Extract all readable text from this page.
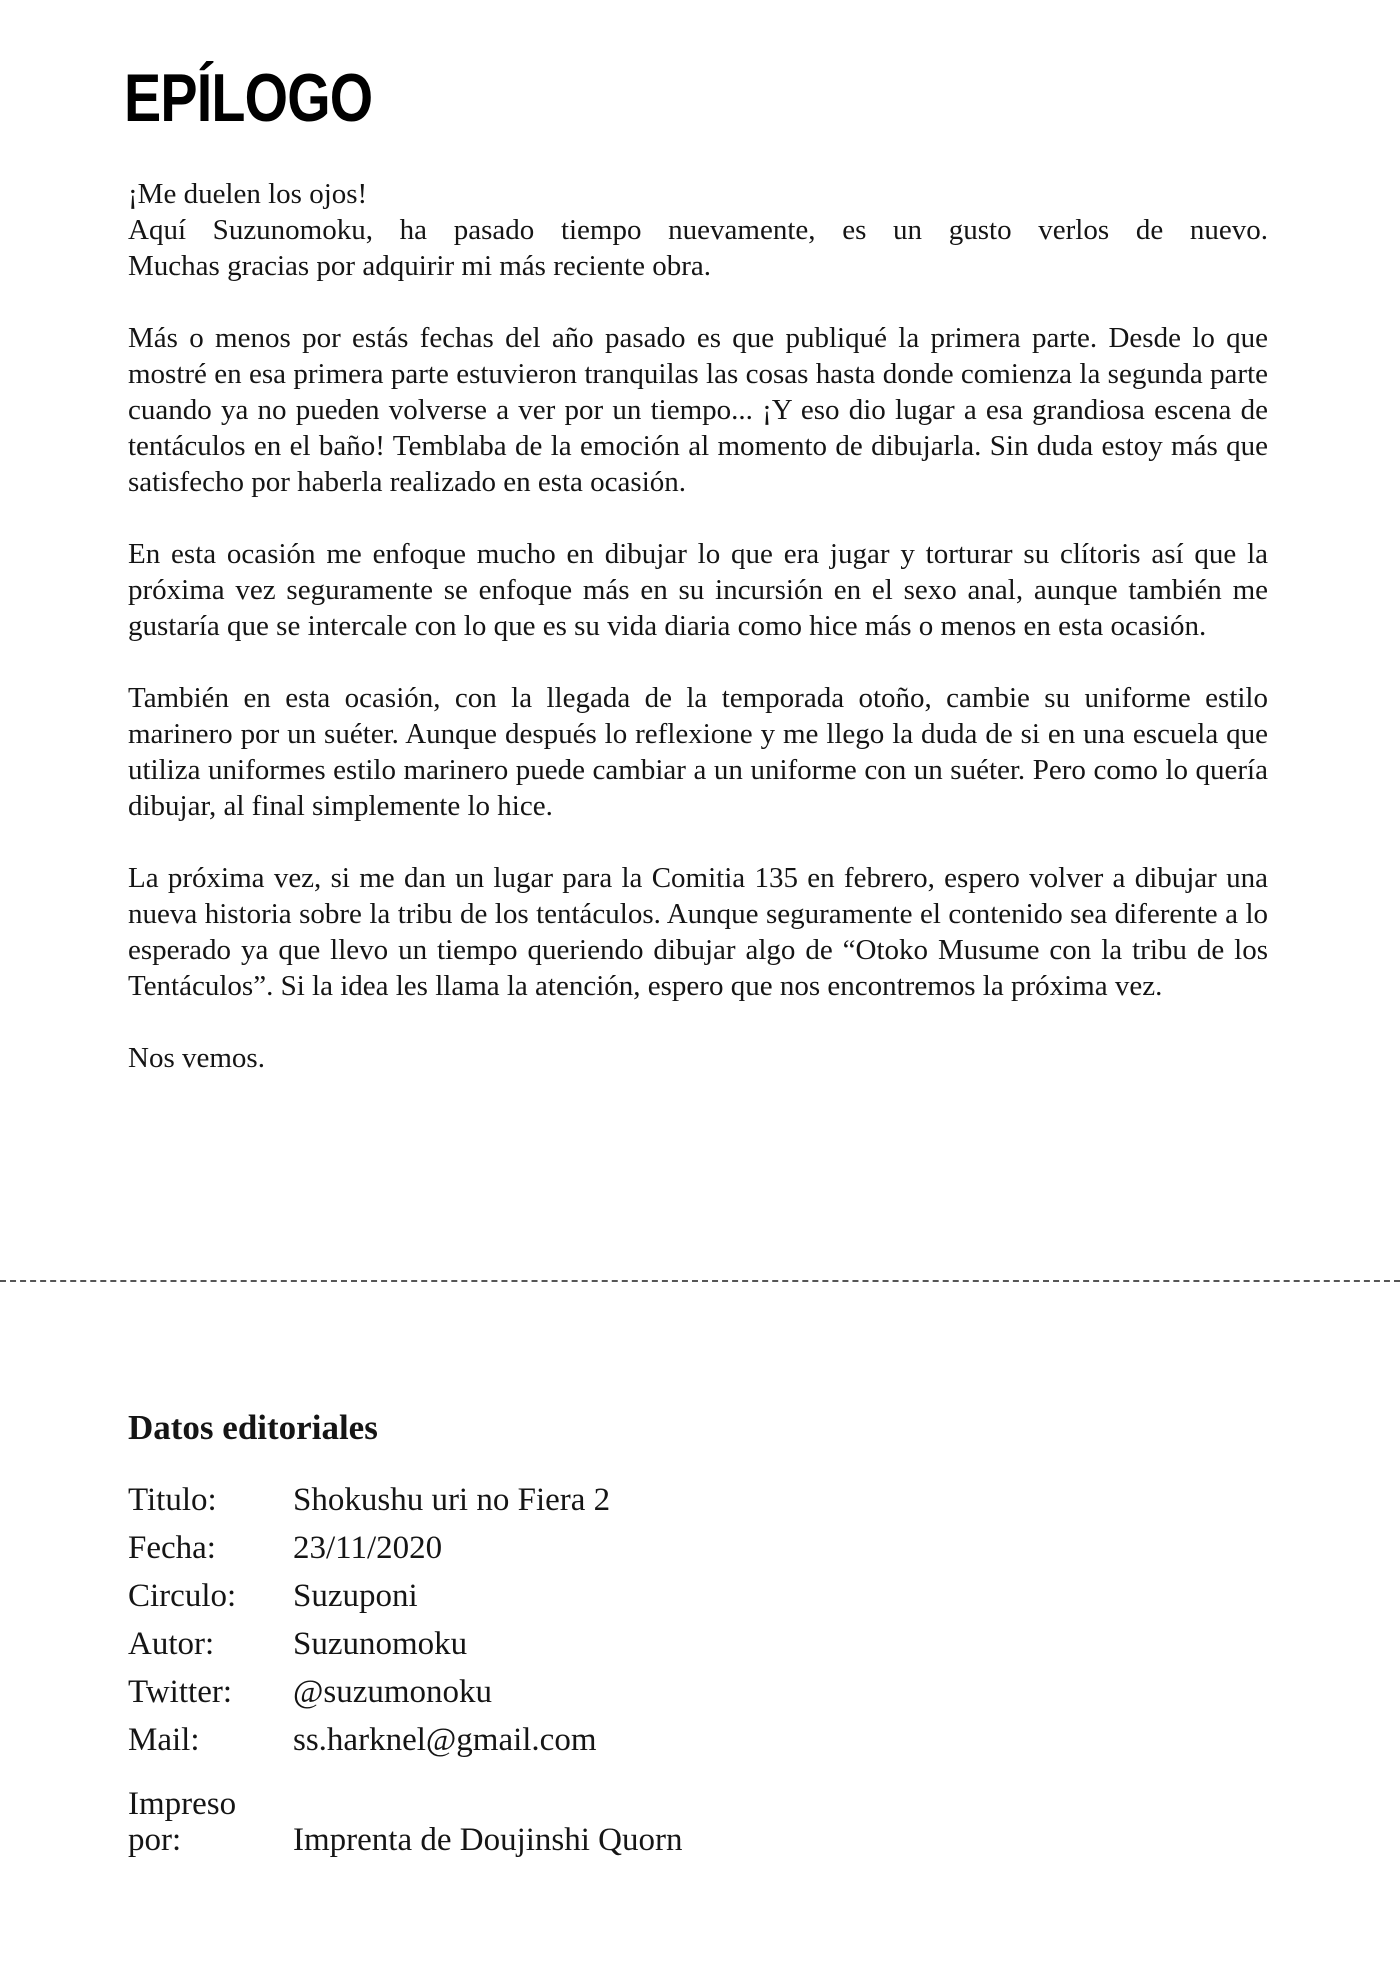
EPÍLOGO

¡Me duelen los ojos!
Aquí Suzunomoku, ha pasado tiempo nuevamente, es un gusto verlos de nuevo.
Muchas gracias por adquirir mi más reciente obra.

Más o menos por estás fechas del año pasado es que publiqué la primera parte. Desde lo que mostré en esa primera parte estuvieron tranquilas las cosas hasta donde comienza la segunda parte cuando ya no pueden volverse a ver por un tiempo... ¡Y eso dio lugar a esa grandiosa escena de tentáculos en el baño! Temblaba de la emoción al momento de dibujarla. Sin duda estoy más que satisfecho por haberla realizado en esta ocasión.

En esta ocasión me enfoque mucho en dibujar lo que era jugar y torturar su clítoris así que la próxima vez seguramente se enfoque más en su incursión en el sexo anal, aunque también me gustaría que se intercale con lo que es su vida diaria como hice más o menos en esta ocasión.

También en esta ocasión, con la llegada de la temporada otoño, cambie su uniforme estilo marinero por un suéter. Aunque después lo reflexione y me llego la duda de si en una escuela que utiliza uniformes estilo marinero puede cambiar a un uniforme con un suéter. Pero como lo quería dibujar, al final simplemente lo hice.

La próxima vez, si me dan un lugar para la Comitia 135 en febrero, espero volver a dibujar una nueva historia sobre la tribu de los tentáculos. Aunque seguramente el contenido sea diferente a lo esperado ya que llevo un tiempo queriendo dibujar algo de “Otoko Musume con la tribu de los Tentáculos”. Si la idea les llama la atención, espero que nos encontremos la próxima vez.

Nos vemos.

Datos editoriales
Titulo:	Shokushu uri no Fiera 2
Fecha:	23/11/2020
Circulo:	Suzuponi
Autor:	Suzunomoku
Twitter:	@suzumonoku
Mail:	ss.harknel@gmail.com
Impreso
por:	Imprenta de Doujinshi Quorn
